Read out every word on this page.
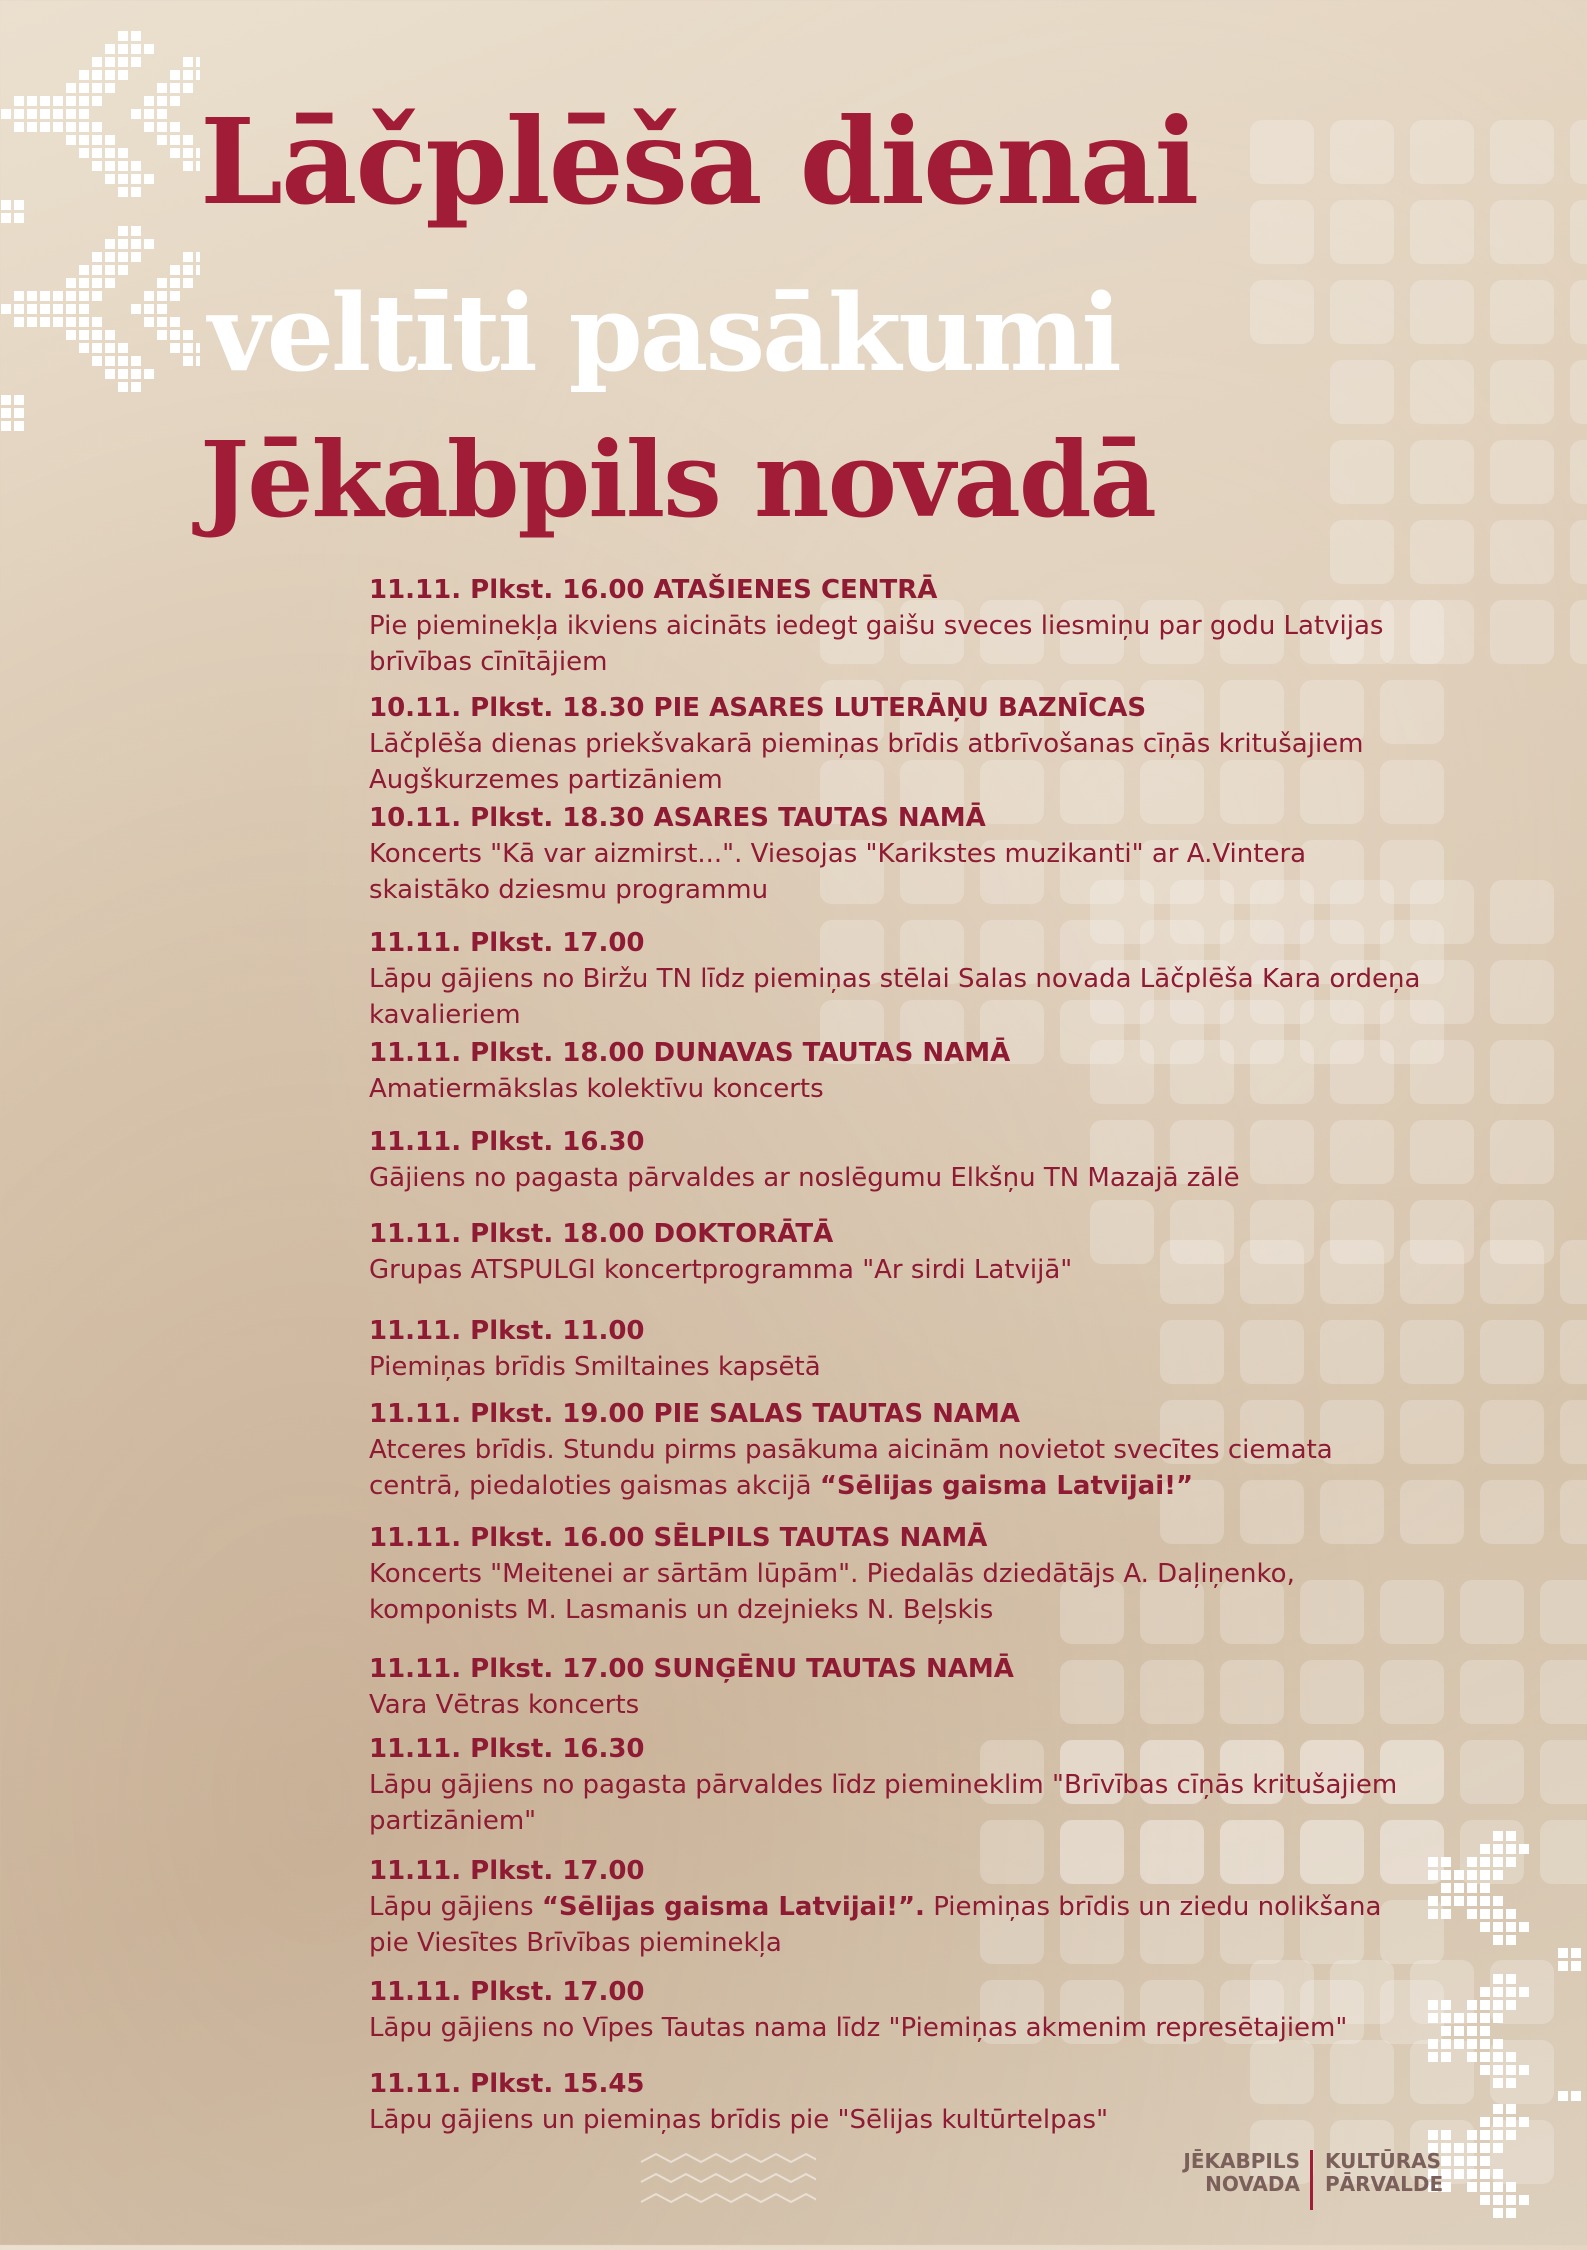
Lāčplēša dienai
veltīti pasākumi
Jēkabpils novadā
11.11. Plkst. 16.00 ATAŠIENES CENTRĀ
Pie pieminekļa ikviens aicināts iedegt gaišu sveces liesmiņu par godu Latvijas brīvības cīnītājiem
10.11. Plkst. 18.30 PIE ASARES LUTERĀŅU BAZNĪCAS
Lāčplēša dienas priekšvakarā piemiņas brīdis atbrīvošanas cīņās kritušajiem Augškurzemes partizāniem
10.11. Plkst. 18.30 ASARES TAUTAS NAMĀ
Koncerts "Kā var aizmirst...". Viesojas "Karikstes muzikanti" ar A.Vintera skaistāko dziesmu programmu
11.11. Plkst. 17.00
Lāpu gājiens no Biržu TN līdz piemiņas stēlai Salas novada Lāčplēša Kara ordeņa kavalieriem
11.11. Plkst. 18.00 DUNAVAS TAUTAS NAMĀ
Amatiermākslas kolektīvu koncerts
11.11. Plkst. 16.30
Gājiens no pagasta pārvaldes ar noslēgumu Elkšņu TN Mazajā zālē
11.11. Plkst. 18.00 DOKTORĀTĀ
Grupas ATSPULGI koncertprogramma "Ar sirdi Latvijā"
11.11. Plkst. 11.00
Piemiņas brīdis Smiltaines kapsētā
11.11. Plkst. 19.00 PIE SALAS TAUTAS NAMA
Atceres brīdis. Stundu pirms pasākuma aicinām novietot svecītes ciemata centrā, piedaloties gaismas akcijā “Sēlijas gaisma Latvijai!”
11.11. Plkst. 16.00 SĒLPILS TAUTAS NAMĀ
Koncerts "Meitenei ar sārtām lūpām". Piedalās dziedātājs A. Daļiņenko, komponists M. Lasmanis un dzejnieks N. Beļskis
11.11. Plkst. 17.00 SUNĢĒNU TAUTAS NAMĀ
Vara Vētras koncerts
11.11. Plkst. 16.30
Lāpu gājiens no pagasta pārvaldes līdz piemineklim "Brīvības cīņās kritušajiem partizāniem"
11.11. Plkst. 17.00
Lāpu gājiens “Sēlijas gaisma Latvijai!”. Piemiņas brīdis un ziedu nolikšana pie Viesītes Brīvības pieminekļa
11.11. Plkst. 17.00
Lāpu gājiens no Vīpes Tautas nama līdz "Piemiņas akmenim represētajiem"
11.11. Plkst. 15.45
Lāpu gājiens un piemiņas brīdis pie "Sēlijas kultūrtelpas"
JĒKABPILS
NOVADA
KULTŪRAS
PĀRVALDE
